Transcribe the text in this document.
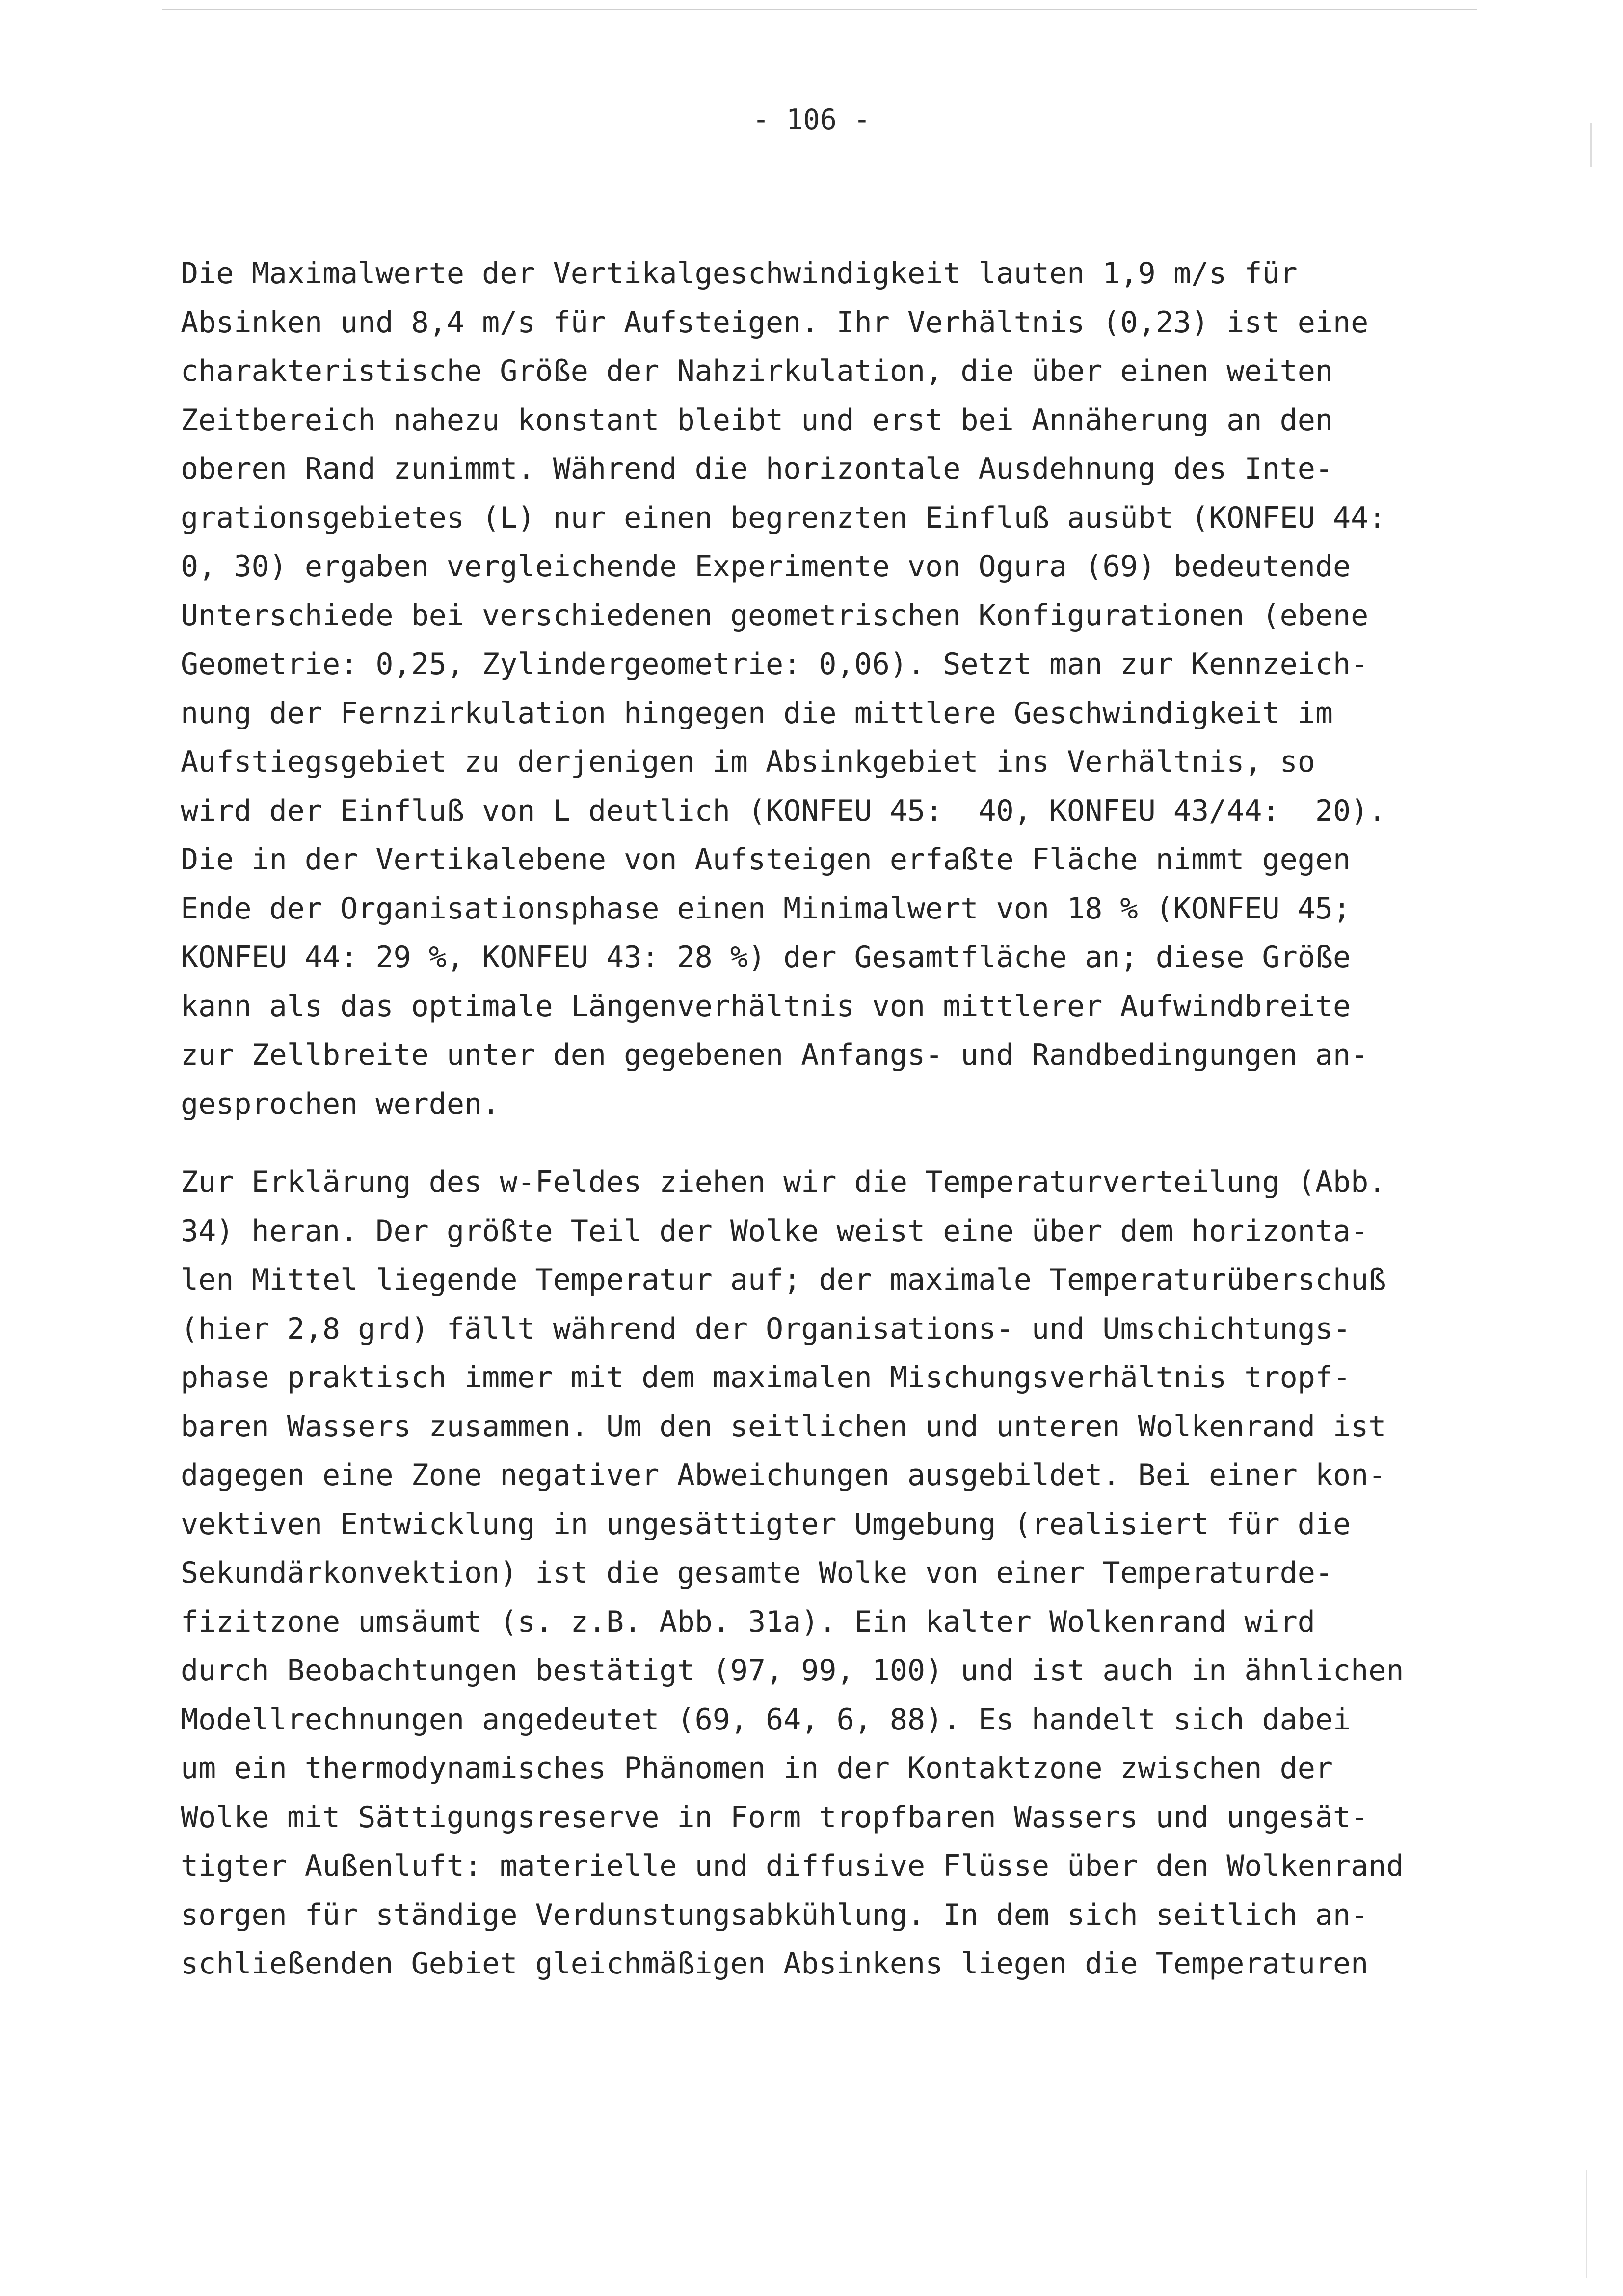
- 106 -
Die Maximalwerte der Vertikalgeschwindigkeit lauten 1,9 m/s für
Absinken und 8,4 m/s für Aufsteigen. Ihr Verhältnis (0,23) ist eine
charakteristische Größe der Nahzirkulation, die über einen weiten
Zeitbereich nahezu konstant bleibt und erst bei Annäherung an den
oberen Rand zunimmt. Während die horizontale Ausdehnung des Inte-
grationsgebietes (L) nur einen begrenzten Einfluß ausübt (KONFEU 44:
0, 30) ergaben vergleichende Experimente von Ogura (69) bedeutende
Unterschiede bei verschiedenen geometrischen Konfigurationen (ebene
Geometrie: 0,25, Zylindergeometrie: 0,06). Setzt man zur Kennzeich-
nung der Fernzirkulation hingegen die mittlere Geschwindigkeit im
Aufstiegsgebiet zu derjenigen im Absinkgebiet ins Verhältnis, so
wird der Einfluß von L deutlich (KONFEU 45:  40, KONFEU 43/44:  20).
Die in der Vertikalebene von Aufsteigen erfaßte Fläche nimmt gegen
Ende der Organisationsphase einen Minimalwert von 18 % (KONFEU 45;
KONFEU 44: 29 %, KONFEU 43: 28 %) der Gesamtfläche an; diese Größe
kann als das optimale Längenverhältnis von mittlerer Aufwindbreite
zur Zellbreite unter den gegebenen Anfangs- und Randbedingungen an-
gesprochen werden.
Zur Erklärung des w-Feldes ziehen wir die Temperaturverteilung (Abb.
34) heran. Der größte Teil der Wolke weist eine über dem horizonta-
len Mittel liegende Temperatur auf; der maximale Temperaturüberschuß
(hier 2,8 grd) fällt während der Organisations- und Umschichtungs-
phase praktisch immer mit dem maximalen Mischungsverhältnis tropf-
baren Wassers zusammen. Um den seitlichen und unteren Wolkenrand ist
dagegen eine Zone negativer Abweichungen ausgebildet. Bei einer kon-
vektiven Entwicklung in ungesättigter Umgebung (realisiert für die
Sekundärkonvektion) ist die gesamte Wolke von einer Temperaturde-
fizitzone umsäumt (s. z.B. Abb. 31a). Ein kalter Wolkenrand wird
durch Beobachtungen bestätigt (97, 99, 100) und ist auch in ähnlichen
Modellrechnungen angedeutet (69, 64, 6, 88). Es handelt sich dabei
um ein thermodynamisches Phänomen in der Kontaktzone zwischen der
Wolke mit Sättigungsreserve in Form tropfbaren Wassers und ungesät-
tigter Außenluft: materielle und diffusive Flüsse über den Wolkenrand
sorgen für ständige Verdunstungsabkühlung. In dem sich seitlich an-
schließenden Gebiet gleichmäßigen Absinkens liegen die Temperaturen
